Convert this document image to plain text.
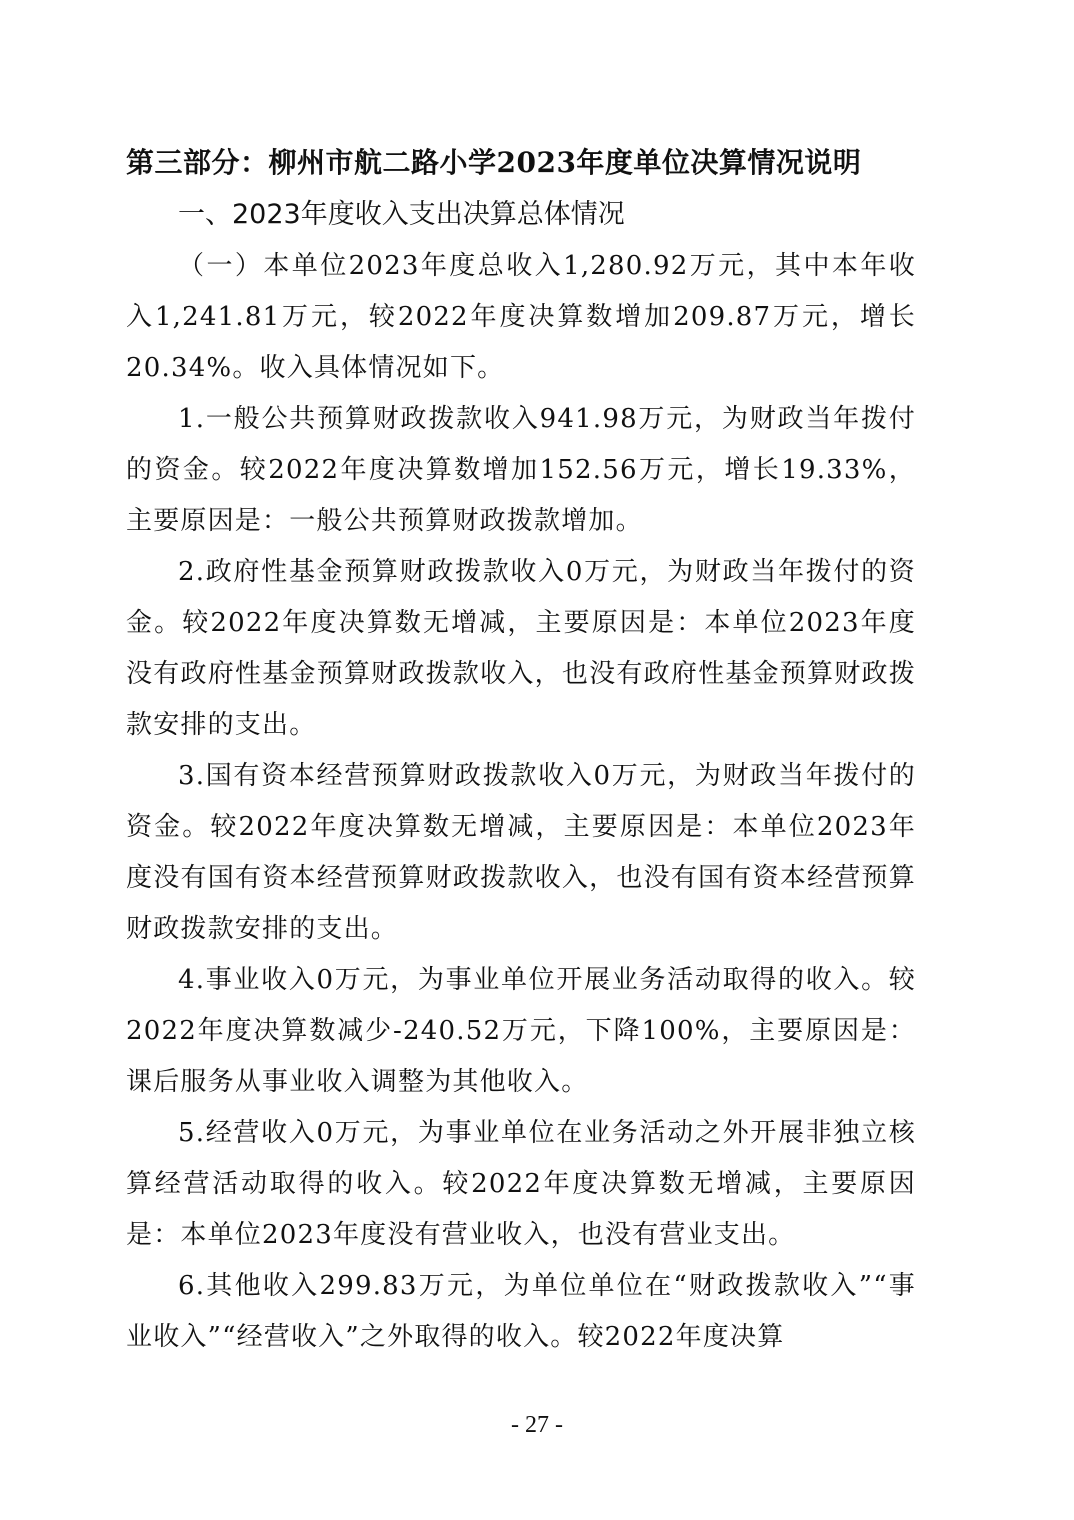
第三部分：柳州市航二路小学2023年度单位决算情况说明
一、2023年度收入支出决算总体情况

（一）本单位2023年度总收入1,280.92万元，其中本年收入1,241.81万元，较2022年度决算数增加209.87万元，增长20.34%。收入具体情况如下。

1.一般公共预算财政拨款收入941.98万元，为财政当年拨付的资金。较2022年度决算数增加152.56万元，增长19.33%，主要原因是：一般公共预算财政拨款增加。

2.政府性基金预算财政拨款收入0万元，为财政当年拨付的资金。较2022年度决算数无增减，主要原因是：本单位2023年度没有政府性基金预算财政拨款收入，也没有政府性基金预算财政拨款安排的支出。

3.国有资本经营预算财政拨款收入0万元，为财政当年拨付的资金。较2022年度决算数无增减，主要原因是：本单位2023年度没有国有资本经营预算财政拨款收入，也没有国有资本经营预算财政拨款安排的支出。

4.事业收入0万元，为事业单位开展业务活动取得的收入。较2022年度决算数减少-240.52万元，下降100%，主要原因是：课后服务从事业收入调整为其他收入。

5.经营收入0万元，为事业单位在业务活动之外开展非独立核算经营活动取得的收入。较2022年度决算数无增减，主要原因是：本单位2023年度没有营业收入，也没有营业支出。

6.其他收入299.83万元，为单位单位在“财政拨款收入”“事业收入”“经营收入”之外取得的收入。较2022年度决算

- 27 -
